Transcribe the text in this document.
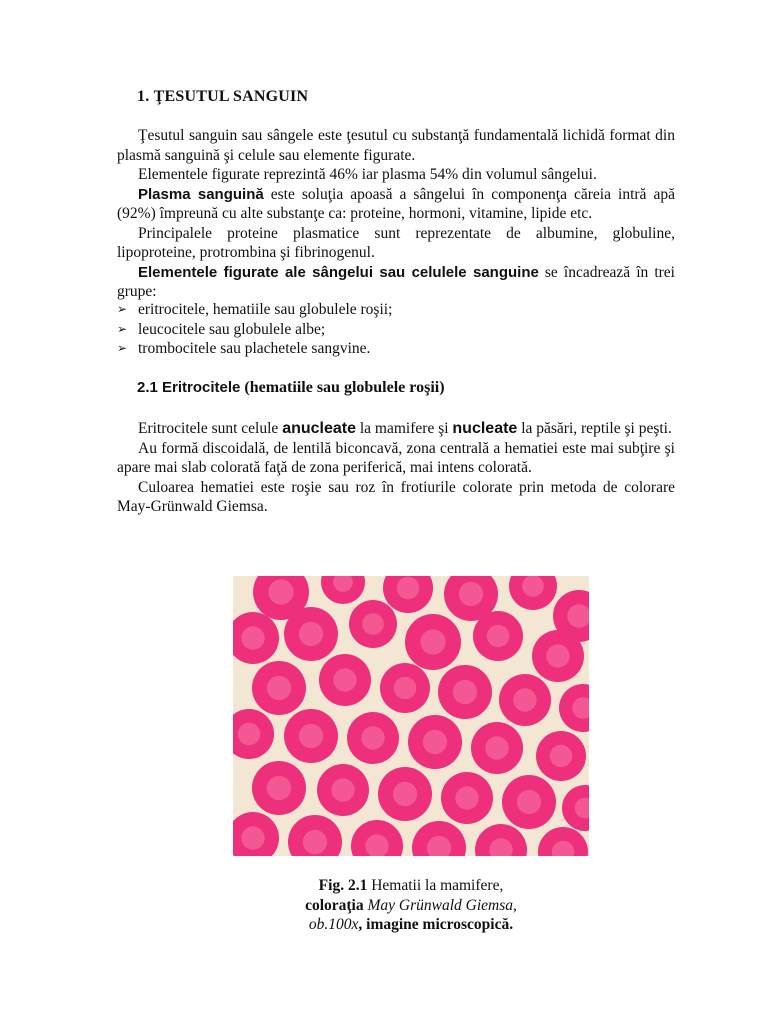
1. ŢESUTUL SANGUIN

Ţesutul sanguin sau sângele este ţesutul cu substanţă fundamentală lichidă format din plasmă sanguină şi celule sau elemente figurate.

Elementele figurate reprezintă 46% iar plasma 54% din volumul sângelui.

Plasma sanguină este soluţia apoasă a sângelui în componenţa căreia intră apă (92%) împreună cu alte substanţe ca: proteine, hormoni, vitamine, lipide etc.

Principalele proteine plasmatice sunt reprezentate de albumine, globuline, lipoproteine, protrombina şi fibrinogenul.

Elementele figurate ale sângelui sau celulele sanguine se încadrează în trei grupe:

➢ eritrocitele, hematiile sau globulele roşii;
➢ leucocitele sau globulele albe;
➢ trombocitele sau plachetele sangvine.
2.1 Eritrocitele (hematiile sau globulele roşii)

Eritrocitele sunt celule anucleate la mamifere şi nucleate la păsări, reptile şi peşti.

Au formă discoidală, de lentilă biconcavă, zona centrală a hematiei este mai subţire şi apare mai slab colorată faţă de zona periferică, mai intens colorată.

Culoarea hematiei este roşie sau roz în frotiurile colorate prin metoda de colorare May-Grünwald Giemsa.

Fig. 2.1 Hematii la mamifere,
coloraţia May Grünwald Giemsa,
ob.100x, imagine microscopică.
